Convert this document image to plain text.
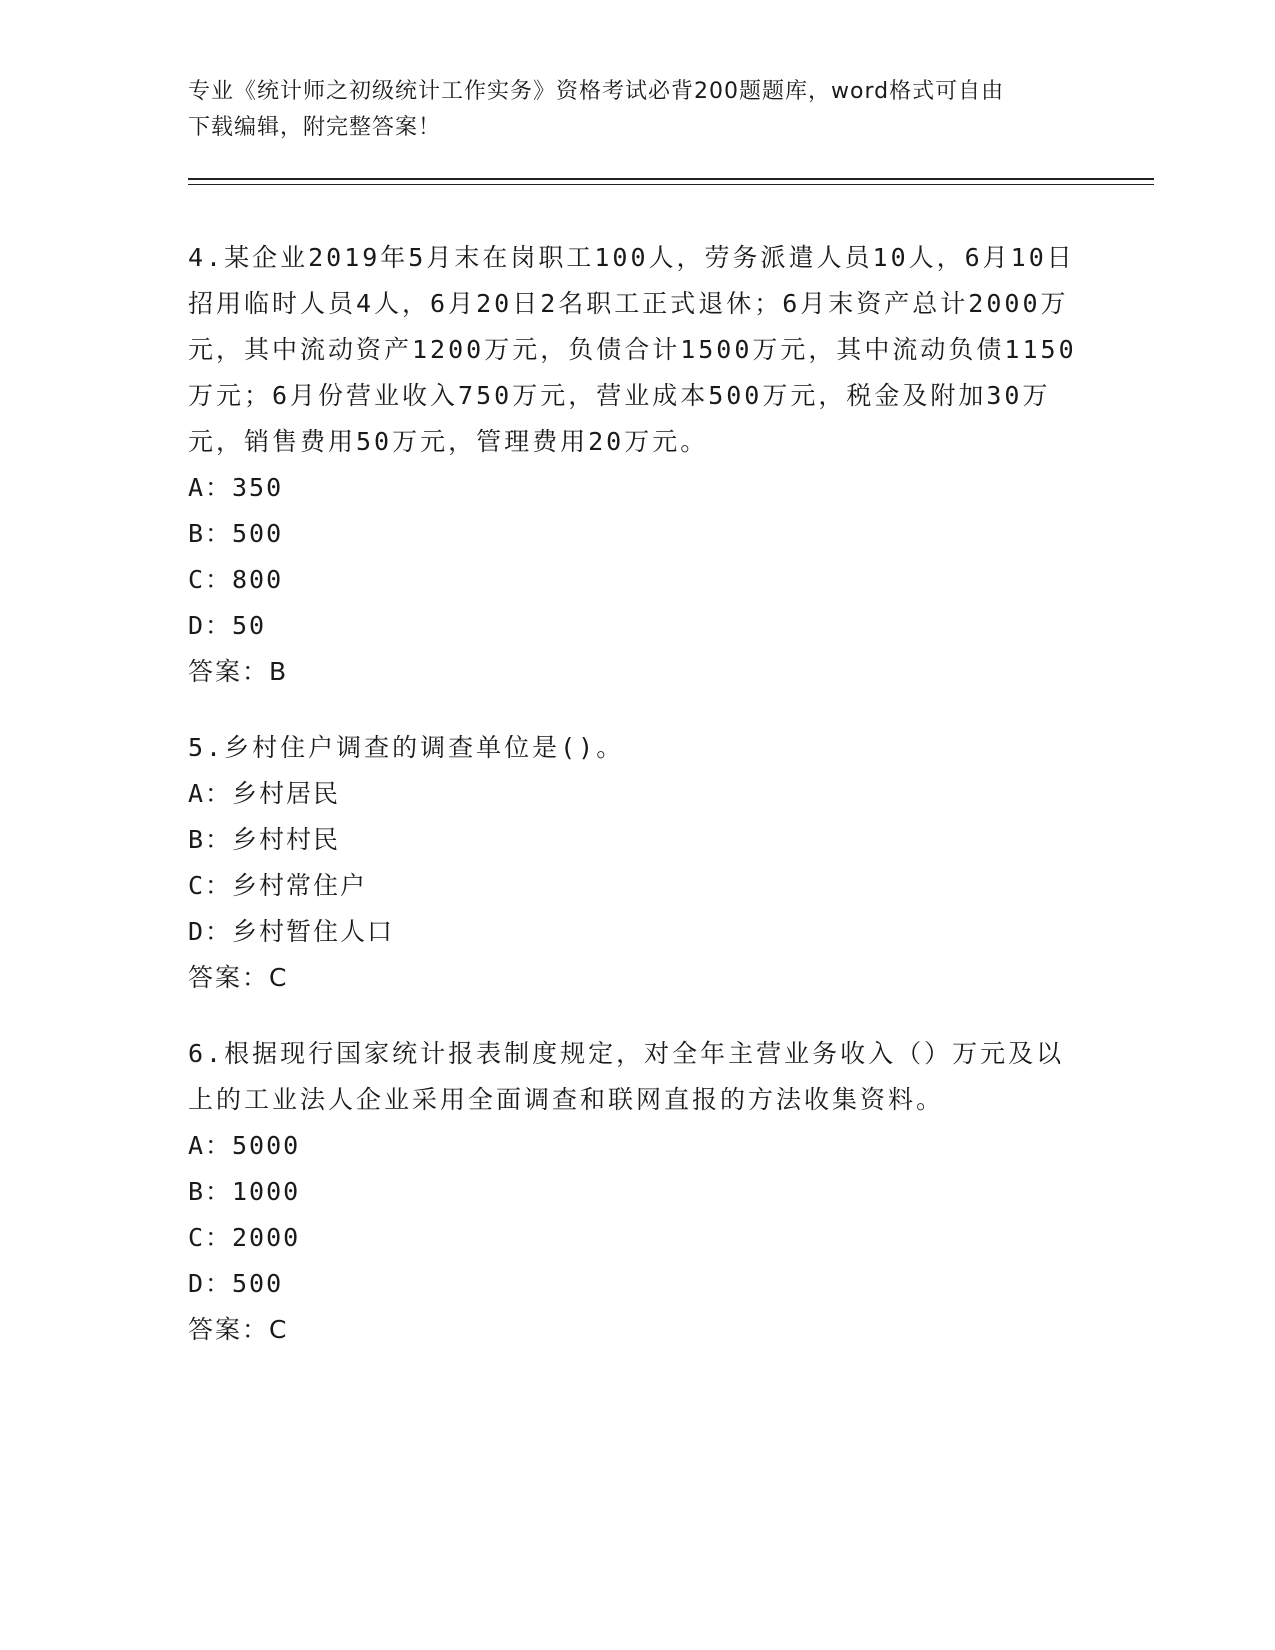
专业《统计师之初级统计工作实务》资格考试必背200题题库，word格式可自由
下载编辑，附完整答案！

4.某企业2019年5月末在岗职工100人，劳务派遣人员10人，6月10日招用临时人员4人，6月20日2名职工正式退休；6月末资产总计2000万元，其中流动资产1200万元，负债合计1500万元，其中流动负债1150万元；6月份营业收入750万元，营业成本500万元，税金及附加30万元，销售费用50万元，管理费用20万元。

A：350

B：500

C：800

D：50

答案：B

5.乡村住户调查的调查单位是()。

A：乡村居民

B：乡村村民

C：乡村常住户

D：乡村暂住人口

答案：C

6.根据现行国家统计报表制度规定，对全年主营业务收入（）万元及以上的工业法人企业采用全面调查和联网直报的方法收集资料。

A：5000

B：1000

C：2000

D：500

答案：C
